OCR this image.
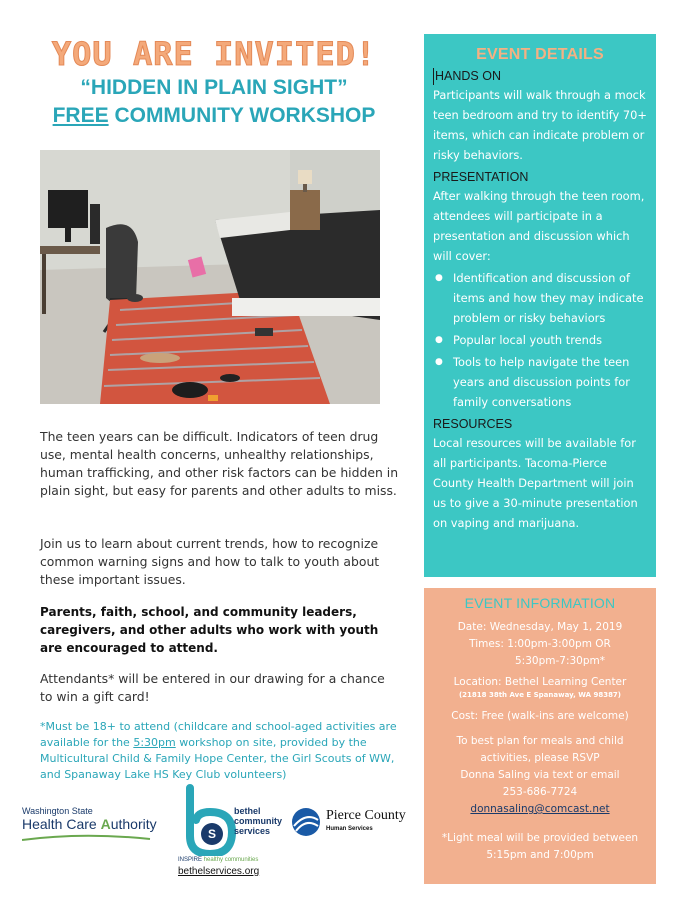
YOU ARE INVITED!
“HIDDEN IN PLAIN SIGHT”
FREE COMMUNITY WORKSHOP
The teen years can be difficult. Indicators of teen drug use, mental health concerns, unhealthy relationships, human trafficking, and other risk factors can be hidden in plain sight, but easy for parents and other adults to miss.
Join us to learn about current trends, how to recognize common warning signs and how to talk to youth about these important issues.
Parents, faith, school, and community leaders, caregivers, and other adults who work with youth are encouraged to attend.
Attendants* will be entered in our drawing for a chance to win a gift card!
*Must be 18+ to attend (childcare and school-aged activities are available for the 5:30pm workshop on site, provided by the Multicultural Child & Family Hope Center, the Girl Scouts of WW, and Spanaway Lake HS Key Club volunteers)
Washington State
Health Care Authority
S
bethel community services
INSPIRE healthy communities
bethelservices.org
Pierce County
Human Services
EVENT DETAILS
HANDS ON
Participants will walk through a mock teen bedroom and try to identify 70+ items, which can indicate problem or risky behaviors.
PRESENTATION
After walking through the teen room, attendees will participate in a presentation and discussion which will cover:
● Identification and discussion of items and how they may indicate problem or risky behaviors
● Popular local youth trends
● Tools to help navigate the teen years and discussion points for family conversations
RESOURCES
Local resources will be available for all participants. Tacoma-Pierce County Health Department will join us to give a 30-minute presentation on vaping and marijuana.
EVENT INFORMATION
Date: Wednesday, May 1, 2019
Times: 1:00pm-3:00pm OR
5:30pm-7:30pm*
Location: Bethel Learning Center
(21818 38th Ave E Spanaway, WA 98387)
Cost: Free (walk-ins are welcome)
To best plan for meals and child activities, please RSVP
Donna Saling via text or email
253-686-7724
donnasaling@comcast.net
*Light meal will be provided between 5:15pm and 7:00pm
